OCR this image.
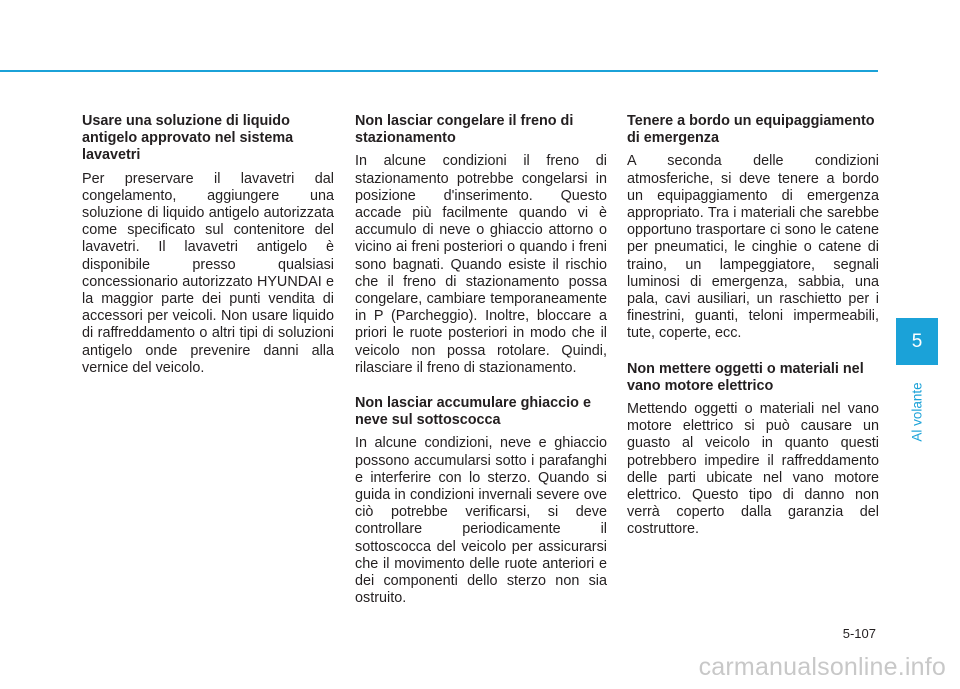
Usare una soluzione di liquido antigelo approvato nel sistema lavavetri

Per preservare il lavavetri dal congelamento, aggiungere una soluzione di liquido antigelo autorizzata come specificato sul contenitore del lavavetri. Il lavavetri antigelo è disponibile presso qualsiasi concessionario autorizzato HYUNDAI e la maggior parte dei punti vendita di accessori per veicoli. Non usare liquido di raffreddamento o altri tipi di soluzioni antigelo onde prevenire danni alla vernice del veicolo.

Non lasciar congelare il freno di stazionamento

In alcune condizioni il freno di stazionamento potrebbe congelarsi in posizione d'inserimento. Questo accade più facilmente quando vi è accumulo di neve o ghiaccio attorno o vicino ai freni posteriori o quando i freni sono bagnati. Quando esiste il rischio che il freno di stazionamento possa congelare, cambiare temporaneamente in P (Parcheggio). Inoltre, bloccare a priori le ruote posteriori in modo che il veicolo non possa rotolare. Quindi, rilasciare il freno di stazionamento.

Non lasciar accumulare ghiaccio e neve sul sottoscocca

In alcune condizioni, neve e ghiaccio possono accumularsi sotto i parafanghi e interferire con lo sterzo. Quando si guida in condizioni invernali severe ove ciò potrebbe verificarsi, si deve controllare periodicamente il sottoscocca del veicolo per assicurarsi che il movimento delle ruote anteriori e dei componenti dello sterzo non sia ostruito.

Tenere a bordo un equipaggiamento di emergenza

A seconda delle condizioni atmosferiche, si deve tenere a bordo un equipaggiamento di emergenza appropriato. Tra i materiali che sarebbe opportuno trasportare ci sono le catene per pneumatici, le cinghie o catene di traino, un lampeggiatore, segnali luminosi di emergenza, sabbia, una pala, cavi ausiliari, un raschietto per i finestrini, guanti, teloni impermeabili, tute, coperte, ecc.

Non mettere oggetti o materiali nel vano motore elettrico

Mettendo oggetti o materiali nel vano motore elettrico si può causare un guasto al veicolo in quanto questi potrebbero impedire il raffreddamento delle parti ubicate nel vano motore elettrico. Questo tipo di danno non verrà coperto dalla garanzia del costruttore.

5
Al volante
5-107
carmanualsonline.info
